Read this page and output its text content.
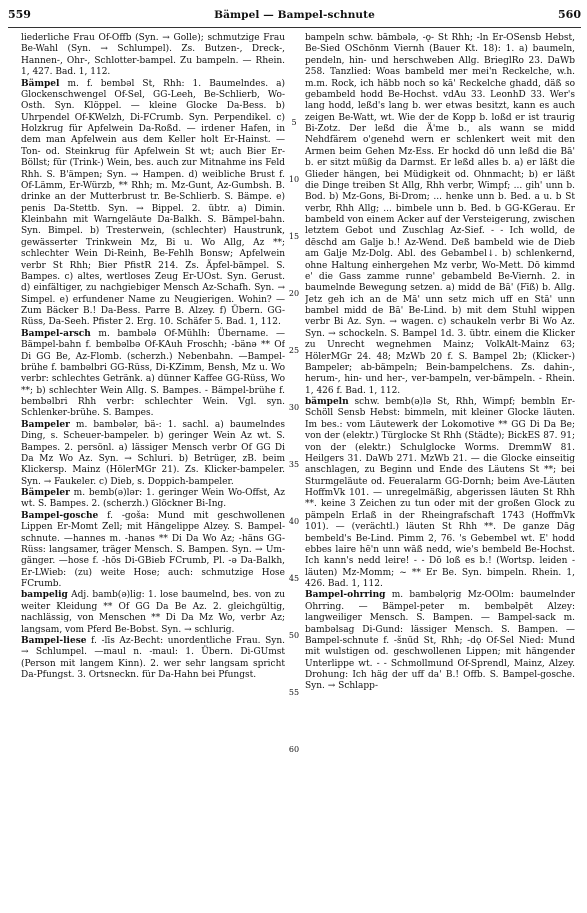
559	Bämpel — Bampel-schnute	560

liederliche Frau Of-Offb (Syn. → Golle); schmutzige Frau Be-Wahl (Syn. → Schlumpel). Zs. Butzen-, Dreck-, Hannen-, Ohr-, Schlotter-bampel. Zu bampeln. — Rhein. 1, 427. Bad. 1, 112.

Bämpel m. f. bembəl St, Rhh: 1. Baumelndes. a) Glockenschwengel Of-Sel, GG-Leeh, Be-Schlierb, Wo-Osth. Syn. Klöppel. — kleine Glocke Da-Bess. b) Uhrpendel Of-KWelzh, Di-FCrumb. Syn. Perpendikel. c) Holzkrug für Apfelwein Da-Roßd. — irdener Hafen, in dem man Apfelwein aus dem Keller holt Er-Hainst. — Ton- od. Steinkrug für Apfelwein St wt; auch Bier Er-Böllst; für (Trink-) Wein, bes. auch zur Mitnahme ins Feld Rhh. S. B'ämpen; Syn. → Hampen. d) weibliche Brust f. Of-Lämm, Er-Würzb, ** Rhh; m. Mz-Gunt, Az-Gumbsh. B. drinke an der Mutterbrust tr. Be-Schlierb. S. Bämpe. e) penis Da-Stettb. Syn. → Bippel. 2. übtr. a) Dimin. Kleinbahn mit Warngeläute Da-Balkh. S. Bämpel-bahn. Syn. Bimpel. b) Tresterwein, (schlechter) Haustrunk, gewässerter Trinkwein Mz, Bi u. Wo Allg, Az **; schlechter Wein Di-Reinh, Be-Fehlh Bonsw; Apfelwein verbr St Rhh; Bier PfistR 214. Zs. Äpfel-bämpel. S. Bampes. c) altes, wertloses Zeug Er-UOst. Syn. Gerust. d) einfältiger, zu nachgiebiger Mensch Az-Schafh. Syn. → Simpel. e) erfundener Name zu Neugierigen. Wohin? — Zum Bäcker B.! Da-Bess. Parre B. Alzey. f) Übern. GG-Rüss, Da-Seeh. Pfister 2. Erg. 10. Schäfer 5. Bad. 1, 112.

Bampel-arsch m. bambələ Of-Mühlh: Übername. —Bämpel-bahn f. bembəlbə Of-KAuh Froschh; -bänə ** Of Di GG Be, Az-Flomb. (scherzh.) Nebenbahn. —Bampel-brühe f. bambəlbri GG-Rüss, Di-KZimm, Bensh, Mz u. Wo verbr: schlechtes Getränk. a) dünner Kaffee GG-Rüss, Wo **; b) schlechter Wein Allg. S. Bampes. - Bämpel-brühe f. bembəlbri Rhh verbr: schlechter Wein. Vgl. syn. Schlenker-brühe. S. Bampes.

Bampeler m. bambələr, bä-: 1. sachl. a) baumelndes Ding, s. Scheuer-bampeler. b) geringer Wein Az wt. S. Bampes. 2. persönl. a) lässiger Mensch verbr Of GG Di Da Mz Wo Az. Syn. → Schluri. b) Betrüger, zB. beim Klickersp. Mainz (HölerMGr 21). Zs. Klicker-bampeler. Syn. → Faukeler. c) Dieb, s. Doppich-bampeler.

Bämpeler m. bemb(ə)lər: 1. geringer Wein Wo-Offst, Az wt. S. Bampes. 2. (scherzh.) Glöckner Bi-Ing.

Bampel-gosche f. -goša: Mund mit geschwollenen Lippen Er-Momt Zell; mit Hängelippe Alzey. S. Bampel-schnute. —hannes m. -hanəs ** Di Da Wo Az; -häns GG-Rüss: langsamer, träger Mensch. S. Bampen. Syn. → Um-gänger. —hose f. -hōs Di-GBieb FCrumb, Pl. -ə Da-Balkh, Er-LWieb: (zu) weite Hose; auch: schmutzige Hose FCrumb.

bampelig Adj. bamb(ə)lig: 1. lose baumelnd, bes. von zu weiter Kleidung ** Of GG Da Be Az. 2. gleichgültig, nachlässig, von Menschen ** Di Da Mz Wo, verbr Az; langsam, vom Pferd Be-Bobst. Syn. → schlurig.

Bampel-liese f. -līs Az-Becht: unordentliche Frau. Syn. → Schlumpel. —maul n. -maul: 1. Übern. Di-GUmst (Person mit langem Kinn). 2. wer sehr langsam spricht Da-Pfungst. 3. Ortsneckn. für Da-Hahn bei Pfungst.

5
10
15
20
25
30
35
40
45
50
55
60

bampeln schw. bāmbələ, -ǫ- St Rhh; -ln Er-OSensb Hebst, Be-Sied OSchönm Viernh (Bauer Kt. 18): 1. a) baumeln, pendeln, hin- und herschweben Allg. BrieglRo 23. DaWb 258. Tanzlied: Woas bambeld mer mei'n Reckelche, w.h. m.m. Rock, ich häbb noch so kā' Reckelche ghadd, däß so gebambeld hodd Be-Hochst. vdAu 33. LeonhD 33. Wer's lang hodd, leßd's lang b. wer etwas besitzt, kann es auch zeigen Be-Watt, wt. Wie der de Kopp b. loßd er ist traurig Bi-Zotz. Der leßd die Ä'me b., als wann se midd Nehdfärem o'genehd wern er schlenkert weit mit den Armen beim Gehen Mz-Ess. Er hockd dō unn leßd die Bā' b. er sitzt müßig da Darmst. Er leßd alles b. a) er läßt die Glieder hängen, bei Müdigkeit od. Ohnmacht; b) er läßt die Dinge treiben St Allg, Rhh verbr, Wimpf; ... gih' unn b. Bod. b) Mz-Gons, Bi-Drom; ... henke unn b. Bed. a u. b St verbr, Rhh Allg; ... bimbele unn b. Bed. b GG-KGerau. Er bambeld von einem Acker auf der Versteigerung, zwischen letztem Gebot und Zuschlag Az-Sief. - - Ich wolld, de dēschd am Galje b.! Az-Wend. Deß bambeld wie de Dieb am Galje Mz-Dolg. Abl. des Gebambel↓. b) schlenkernd, ohne Haltung einhergehen Mz verbr, Wo-Mett. Dō kimmd e' die Gass zamme runne' gebambeld Be-Viernh. 2. in baumelnde Bewegung setzen. a) midd de Bā' (Fīß) b. Allg. Jetz geh ich an de Mā' unn setz mich uff en Stā' unn bambel midd de Bā' Be-Lind. b) mit dem Stuhl wippen verbr Bi Az. Syn. → wagen. c) schaukeln verbr Bi Wo Az. Syn. → schockeln. S. Bampel 1d. 3. übtr. einem die Klicker zu Unrecht wegnehmen Mainz; VolkAlt-Mainz 63; HölerMGr 24. 48; MzWb 20 f. S. Bampel 2b; (Klicker-) Bampeler; ab-bämpeln; Bein-bampelchens. Zs. dahin-, herum-, hin- und her-, ver-bampeln, ver-bämpeln. - Rhein. 1, 426 f. Bad. 1, 112.

bämpeln schw. bemb(ə)lə St, Rhh, Wimpf; bembln Er-Schöll Sensb Hebst: bimmeln, mit kleiner Glocke läuten. Im bes.: vom Läutewerk der Lokomotive ** GG Di Da Be; von der (elektr.) Türglocke St Rhh (Städte); BickES 87. 91; von der (elektr.) Schulglocke Worms. DremmW 81. Heilgers 31. DaWb 271. MzWb 21. — die Glocke einseitig anschlagen, zu Beginn und Ende des Läutens St **; bei Sturmgeläute od. Feueralarm GG-Dornh; beim Ave-Läuten HoffmVk 101. — unregelmäßig, abgerissen läuten St Rhh **. keine 3 Zeichen zu tun oder mit der großen Glock zu pämpeln Erlaß in der Rheingrafschaft 1743 (HoffmVk 101). — (verächtl.) läuten St Rhh **. De ganze Dāg bembeld's Be-Lind. Pimm 2, 76. 's Gebembel wt. E' hodd ebbes laire hē'n unn wāß nedd, wie's bembeld Be-Hochst. Ich kann's nedd leire! - - Dō loß es b.! (Wortsp. leiden - läuten) Mz-Momm; ~ ** Er Be. Syn. bimpeln. Rhein. 1, 426. Bad. 1, 112.

Bampel-ohrring m. bambəlǫrig Mz-OOlm: baumelnder Ohrring. — Bämpel-peter m. bembəlpēt Alzey: langweiliger Mensch. S. Bampen. — Bampel-sack m. bambəlsag Di-Gund: lässiger Mensch. S. Bampen. — Bampel-schnute f. -šnūd St, Rhh; -dǫ Of-Sel Nied: Mund mit wulstigen od. geschwollenen Lippen; mit hängender Unterlippe wt. - - Schmollmund Of-Sprendl, Mainz, Alzey. Drohung: Ich häg der uff da' B.! Offb. S. Bampel-gosche. Syn. → Schlapp-
